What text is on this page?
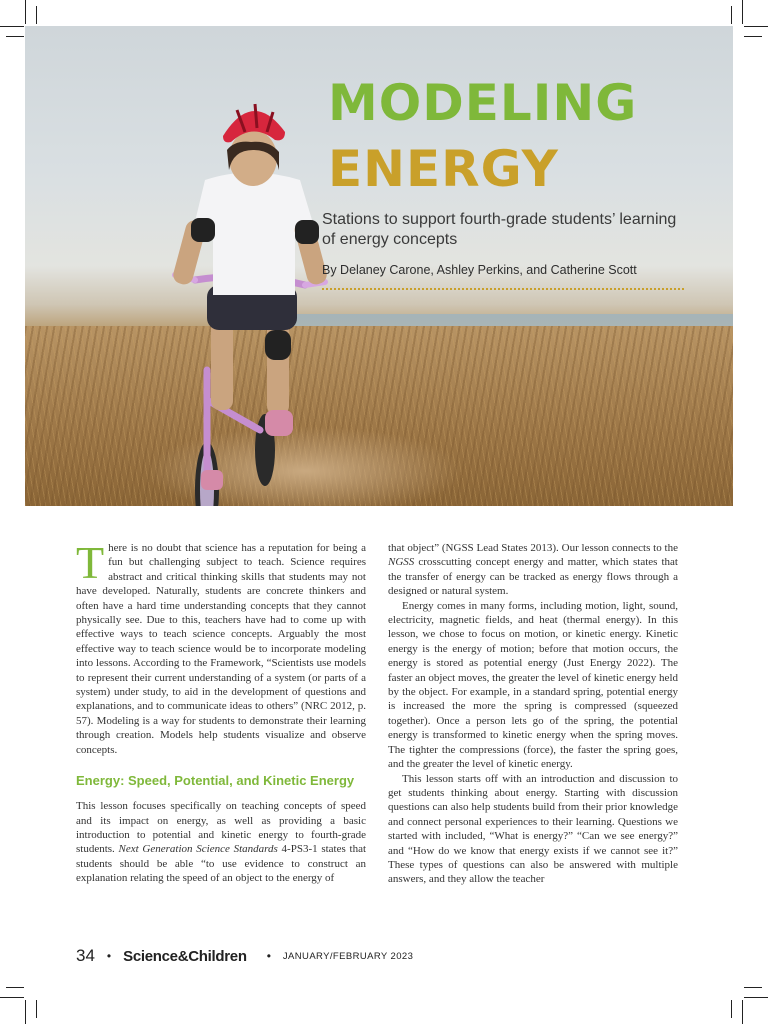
MODELING
ENERGY
Stations to support fourth-grade students’ learning of energy concepts
By Delaney Carone, Ashley Perkins, and Catherine Scott

There is no doubt that science has a reputation for being a fun but challenging subject to teach. Science requires abstract and critical thinking skills that students may not have developed. Naturally, students are concrete thinkers and often have a hard time understanding concepts that they cannot physically see. Due to this, teachers have had to come up with effective ways to teach science concepts. Arguably the most effective way to teach science would be to incorporate modeling into lessons. According to the Framework, “Scientists use models to represent their current understanding of a system (or parts of a system) under study, to aid in the development of questions and explanations, and to communicate ideas to others” (NRC 2012, p. 57). Modeling is a way for students to demonstrate their learning through creation. Models help students visualize and observe concepts.

Energy: Speed, Potential, and Kinetic Energy

This lesson focuses specifically on teaching concepts of speed and its impact on energy, as well as providing a basic introduction to potential and kinetic energy to fourth-grade students. Next Generation Science Standards 4-PS3-1 states that students should be able “to use evidence to construct an explanation relating the speed of an object to the energy of

that object” (NGSS Lead States 2013). Our lesson connects to the NGSS crosscutting concept energy and matter, which states that the transfer of energy can be tracked as energy flows through a designed or natural system.

Energy comes in many forms, including motion, light, sound, electricity, magnetic fields, and heat (thermal energy). In this lesson, we chose to focus on motion, or kinetic energy. Kinetic energy is the energy of motion; before that motion occurs, the energy is stored as potential energy (Just Energy 2022). The faster an object moves, the greater the level of kinetic energy held by the object. For example, in a standard spring, potential energy is increased the more the spring is compressed (squeezed together). Once a person lets go of the spring, the potential energy is transformed to kinetic energy when the spring moves. The tighter the compressions (force), the faster the spring goes, and the greater the level of kinetic energy.

This lesson starts off with an introduction and discussion to get students thinking about energy. Starting with discussion questions can also help students build from their prior knowledge and connect personal experiences to their learning. Questions we started with included, “What is energy?” “Can we see energy?” and “How do we know that energy exists if we cannot see it?” These types of questions can also be answered with multiple answers, and they allow the teacher

34 • Science&Children • JANUARY/FEBRUARY 2023
